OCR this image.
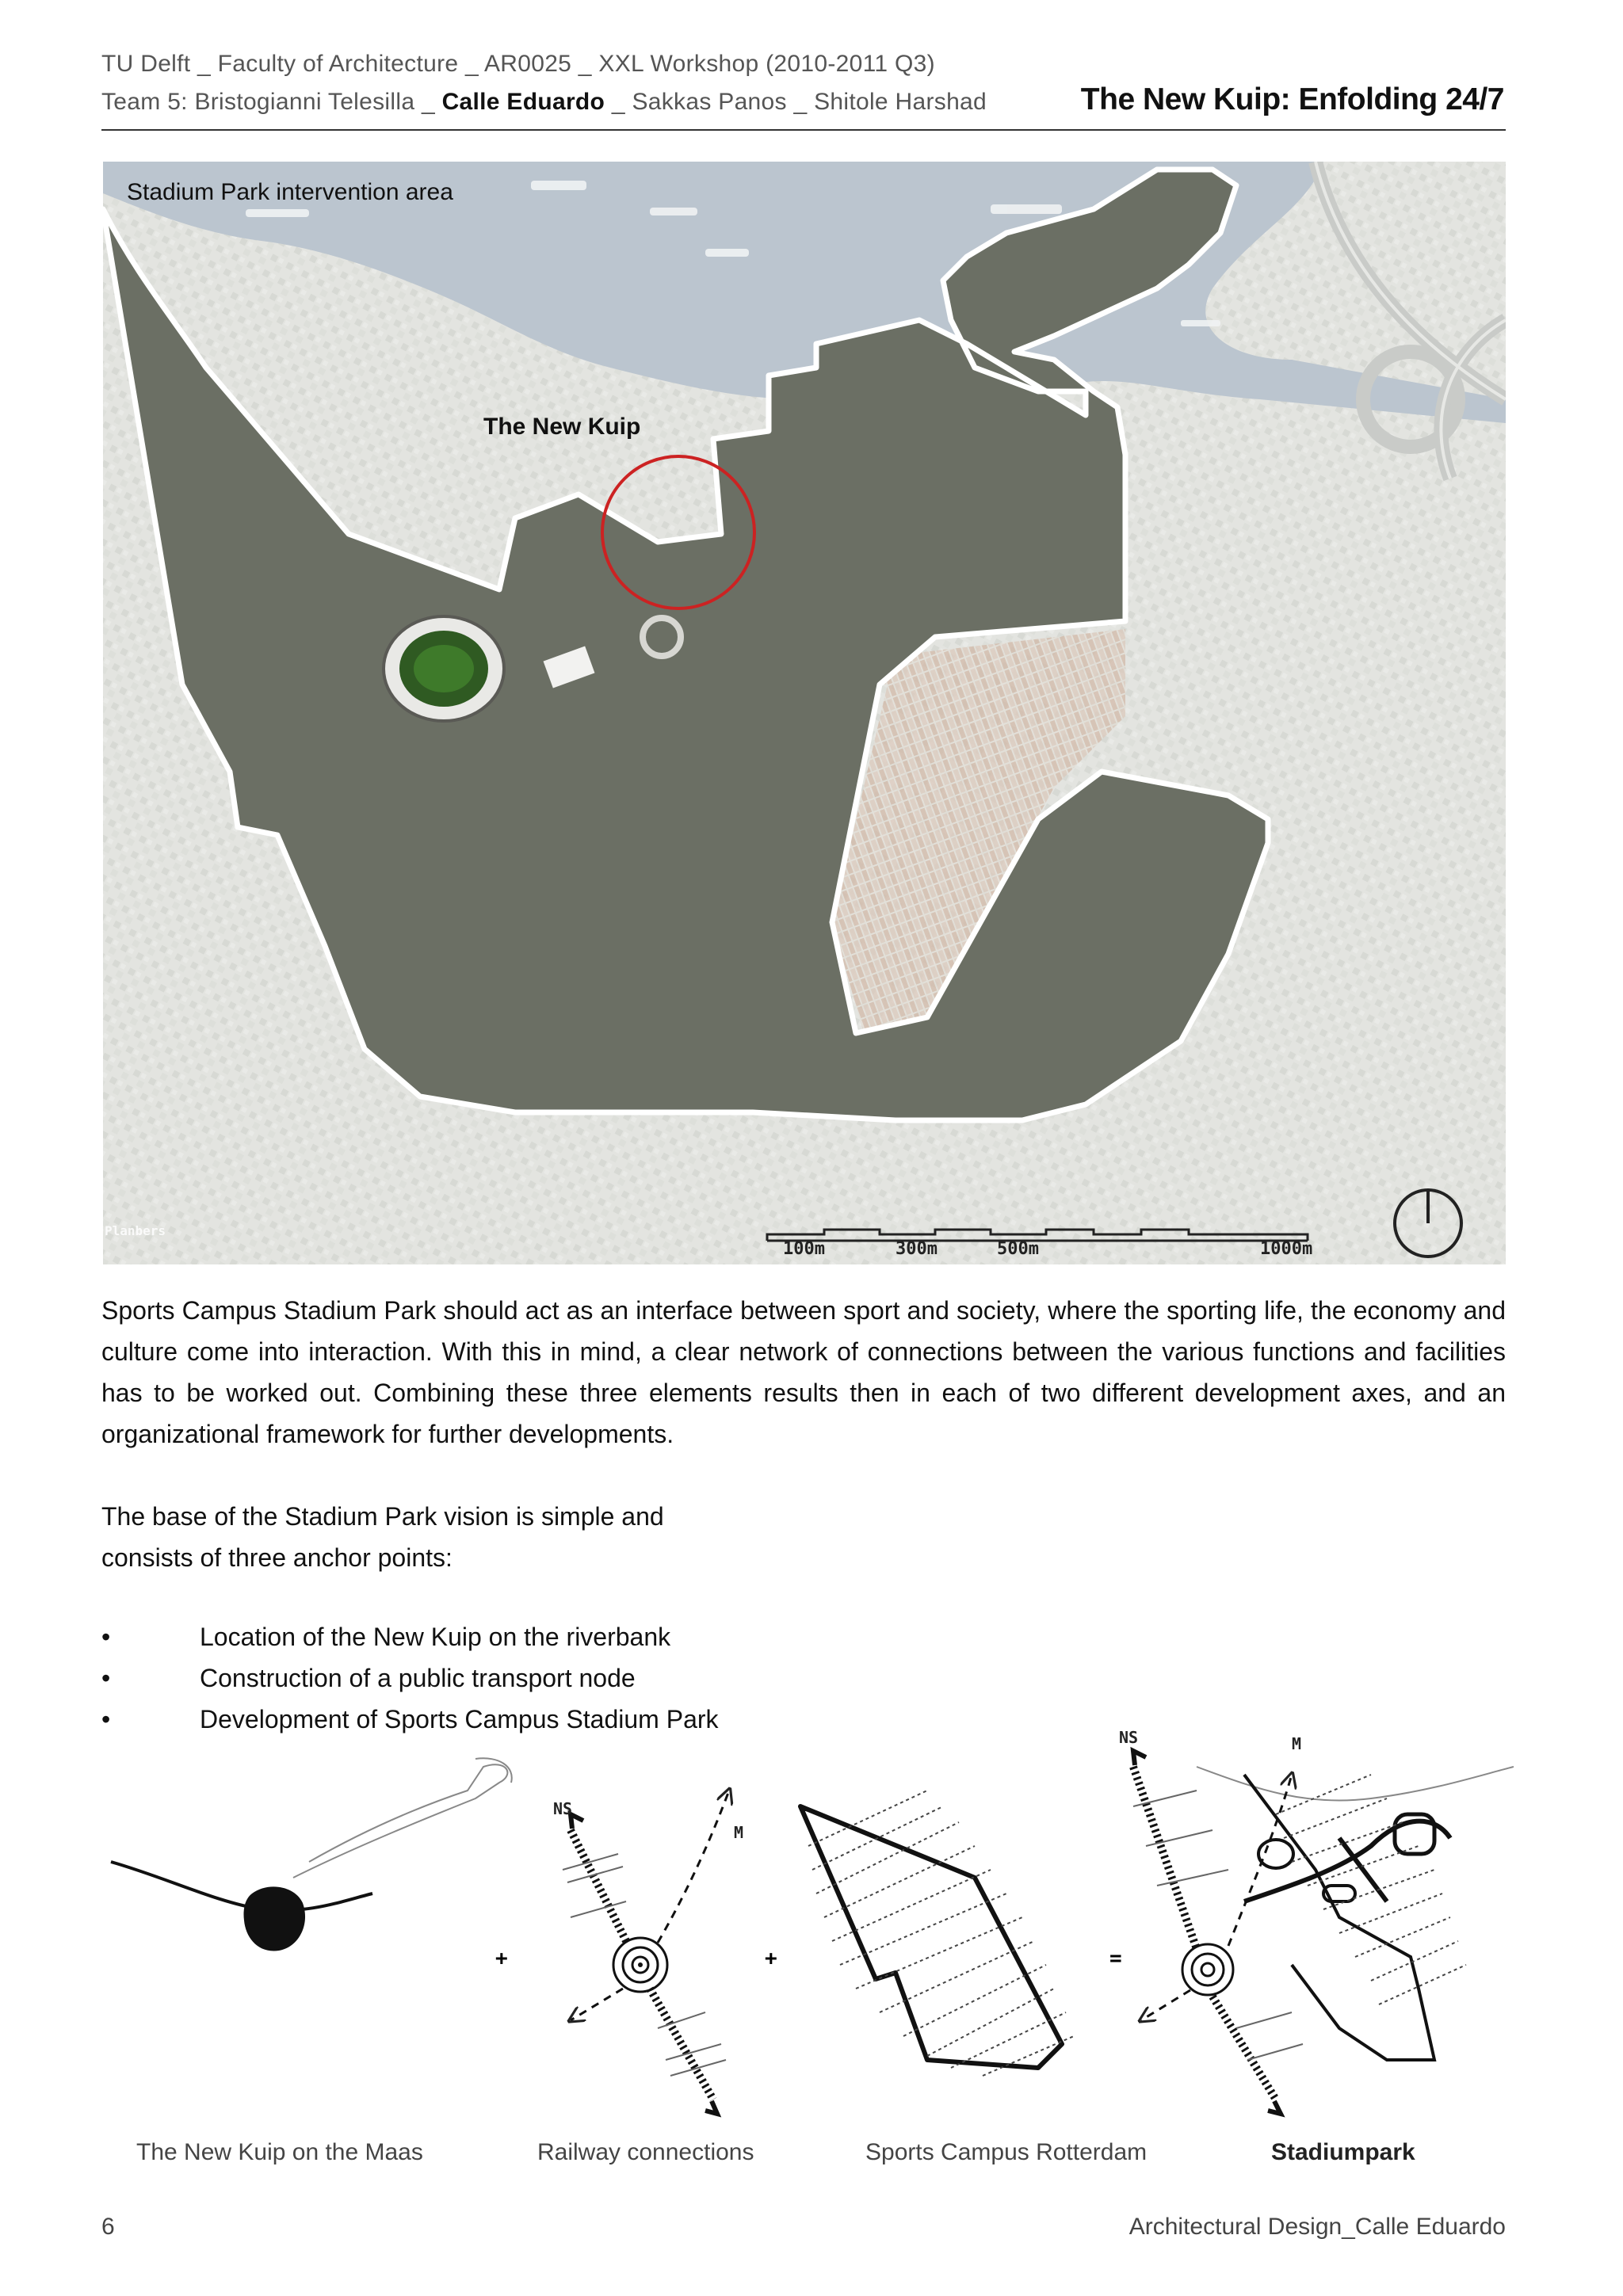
TU Delft _ Faculty of Architecture _ AR0025 _ XXL Workshop (2010-2011 Q3)
Team 5: Bristogianni Telesilla _ Calle Eduardo _ Sakkas Panos _ Shitole Harshad	The New Kuip: Enfolding 24/7
Stadium Park intervention area
The New Kuip
Planbers
100m	300m	500m	1000m
Sports Campus Stadium Park should act as an interface between sport and society, where the sporting life, the economy and culture come into interaction. With this in mind, a clear network of connections between the various functions and facilities has to be worked out. Combining these three elements results then in each of two different development axes, and an organizational framework for further developments.
The base of the Stadium Park vision is simple and
consists of three anchor points:
• Location of the New Kuip on the riverbank
• Construction of a public transport node
• Development of Sports Campus Stadium Park
+
NS
M
+	=
NS	M
The New Kuip on the Maas	Railway connections	Sports Campus Rotterdam	Stadiumpark
6	Architectural Design_Calle Eduardo
